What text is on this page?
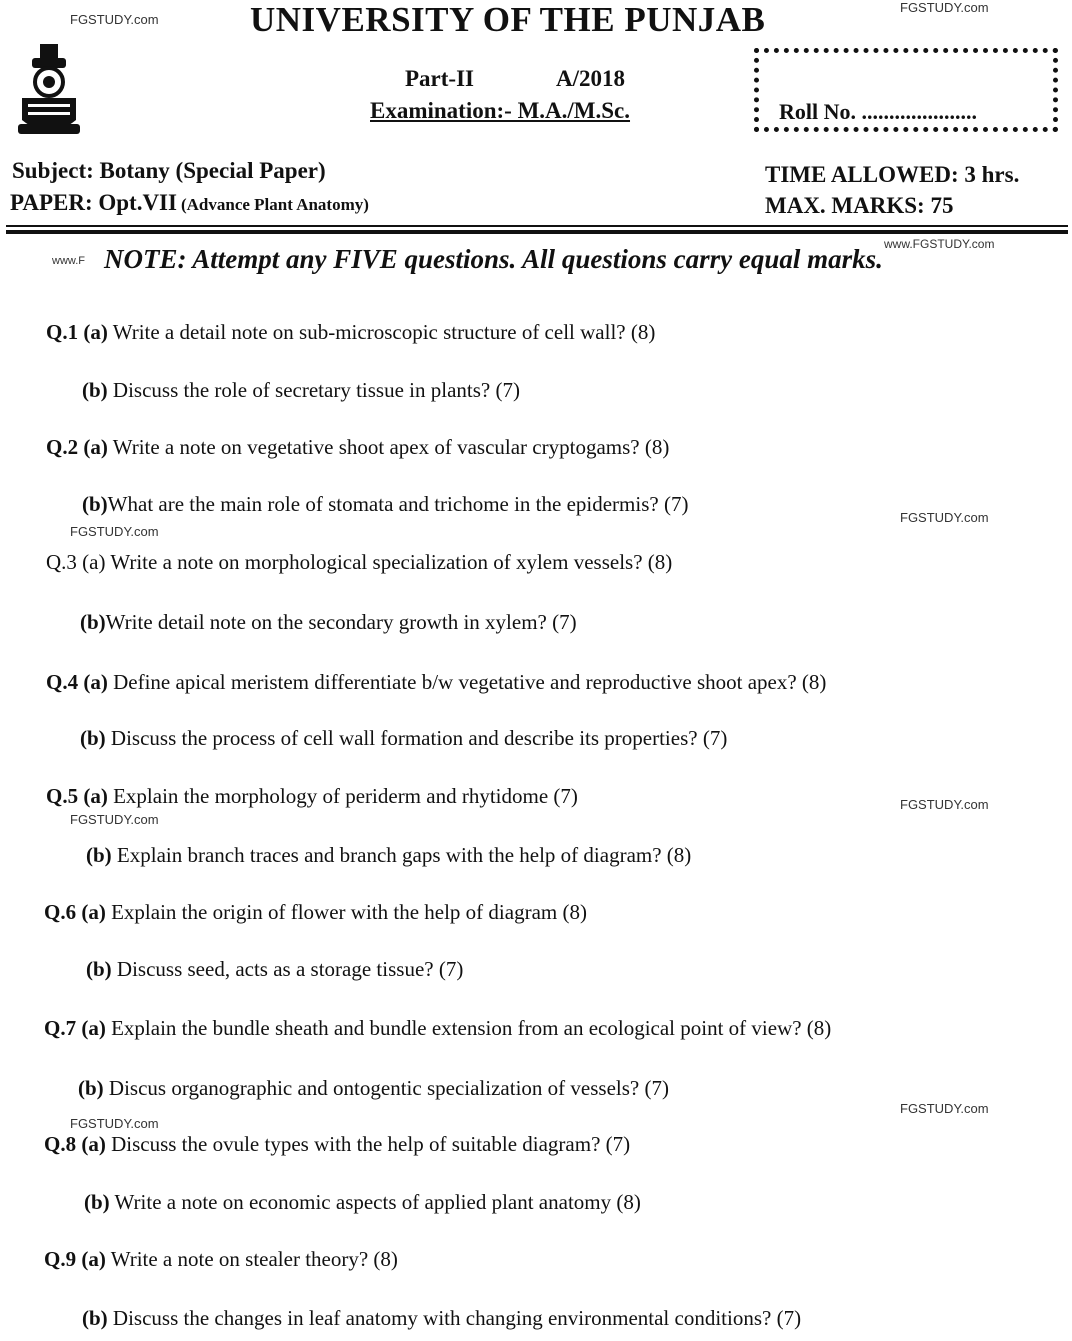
FGSTUDY.com
FGSTUDY.com
UNIVERSITY OF THE PUNJAB
Part-II	A/2018
Examination:- M.A./M.Sc.	Roll No. .....................
Subject: Botany (Special Paper)
PAPER: Opt.VII (Advance Plant Anatomy)
TIME ALLOWED: 3 hrs.
MAX. MARKS: 75
www.FGSTUDY.com
www.F NOTE: Attempt any FIVE questions. All questions carry equal marks.
Q.1 (a) Write a detail note on sub-microscopic structure of cell wall? (8)
(b) Discuss the role of secretary tissue in plants? (7)
Q.2 (a) Write a note on vegetative shoot apex of vascular cryptogams? (8)
(b)What are the main role of stomata and trichome in the epidermis? (7)
FGSTUDY.com
FGSTUDY.com
Q.3 (a) Write a note on morphological specialization of xylem vessels? (8)
(b)Write detail note on the secondary growth in xylem? (7)
Q.4 (a) Define apical meristem differentiate b/w vegetative and reproductive shoot apex? (8)
(b) Discuss the process of cell wall formation and describe its properties? (7)
Q.5 (a) Explain the morphology of periderm and rhytidome (7)	FGSTUDY.com
FGSTUDY.com
(b) Explain branch traces and branch gaps with the help of diagram? (8)
Q.6 (a) Explain the origin of flower with the help of diagram (8)
(b) Discuss seed, acts as a storage tissue? (7)
Q.7 (a) Explain the bundle sheath and bundle extension from an ecological point of view? (8)
(b) Discus organographic and ontogentic specialization of vessels? (7)
FGSTUDY.com
FGSTUDY.com
Q.8 (a) Discuss the ovule types with the help of suitable diagram? (7)
(b) Write a note on economic aspects of applied plant anatomy (8)
Q.9 (a) Write a note on stealer theory? (8)
(b) Discuss the changes in leaf anatomy with changing environmental conditions? (7)
